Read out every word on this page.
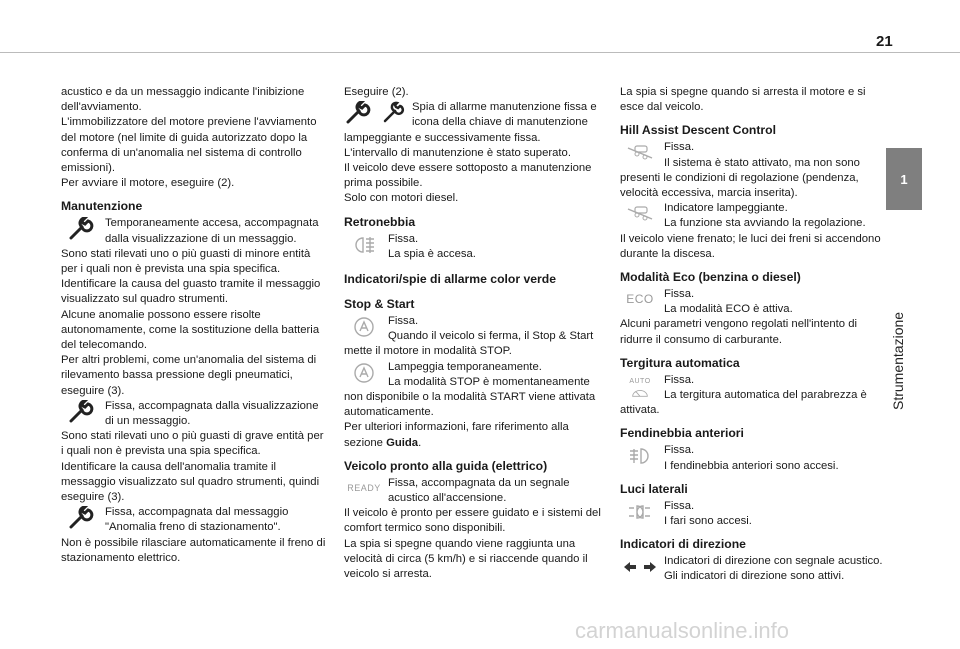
21
1
Strumentazione

acustico e da un messaggio indicante l'inibizione dell'avviamento.

L'immobilizzatore del motore previene l'avviamento del motore (nel limite di guida autorizzato dopo la conferma di un'anomalia nel sistema di controllo emissioni).

Per avviare il motore, eseguire (2).

Manutenzione

Temporaneamente accesa, accompagnata dalla visualizzazione di un messaggio.

Sono stati rilevati uno o più guasti di minore entità per i quali non è prevista una spia specifica.

Identificare la causa del guasto tramite il messaggio visualizzato sul quadro strumenti.

Alcune anomalie possono essere risolte autonomamente, come la sostituzione della batteria del telecomando.

Per altri problemi, come un'anomalia del sistema di rilevamento bassa pressione degli pneumatici, eseguire (3).

Fissa, accompagnata dalla visualizzazione di un messaggio.

Sono stati rilevati uno o più guasti di grave entità per i quali non è prevista una spia specifica.

Identificare la causa dell'anomalia tramite il messaggio visualizzato sul quadro strumenti, quindi eseguire (3).

Fissa, accompagnata dal messaggio "Anomalia freno di stazionamento".

Non è possibile rilasciare automaticamente il freno di stazionamento elettrico.

Eseguire (2).

Spia di allarme manutenzione fissa e icona della chiave di manutenzione lampeggiante e successivamente fissa.

L'intervallo di manutenzione è stato superato.

Il veicolo deve essere sottoposto a manutenzione prima possibile.

Solo con motori diesel.

Retronebbia

Fissa.

La spia è accesa.

Indicatori/spie di allarme color verde
Stop & Start

Fissa.

Quando il veicolo si ferma, il Stop & Start mette il motore in modalità STOP.

Lampeggia temporaneamente.

La modalità STOP è momentaneamente non disponibile o la modalità START viene attivata automaticamente.

Per ulteriori informazioni, fare riferimento alla sezione Guida.

Veicolo pronto alla guida (elettrico)
READY Fissa, accompagnata da un segnale acustico all'accensione.

Il veicolo è pronto per essere guidato e i sistemi del comfort termico sono disponibili.

La spia si spegne quando viene raggiunta una velocità di circa (5 km/h) e si riaccende quando il veicolo si arresta.

La spia si spegne quando si arresta il motore e si esce dal veicolo.

Hill Assist Descent Control

Fissa.

Il sistema è stato attivato, ma non sono presenti le condizioni di regolazione (pendenza, velocità eccessiva, marcia inserita).

Indicatore lampeggiante.

La funzione sta avviando la regolazione.

Il veicolo viene frenato; le luci dei freni si accendono durante la discesa.

Modalità Eco (benzina o diesel)
ECO Fissa.

La modalità ECO è attiva.

Alcuni parametri vengono regolati nell'intento di ridurre il consumo di carburante.

Tergitura automatica
AUTO	Fissa.

La tergitura automatica del parabrezza è attivata.

Fendinebbia anteriori

Fissa.

I fendinebbia anteriori sono accesi.

Luci laterali

Fissa.

I fari sono accesi.

Indicatori di direzione

Indicatori di direzione con segnale acustico.

Gli indicatori di direzione sono attivi.

carmanualsonline.info
